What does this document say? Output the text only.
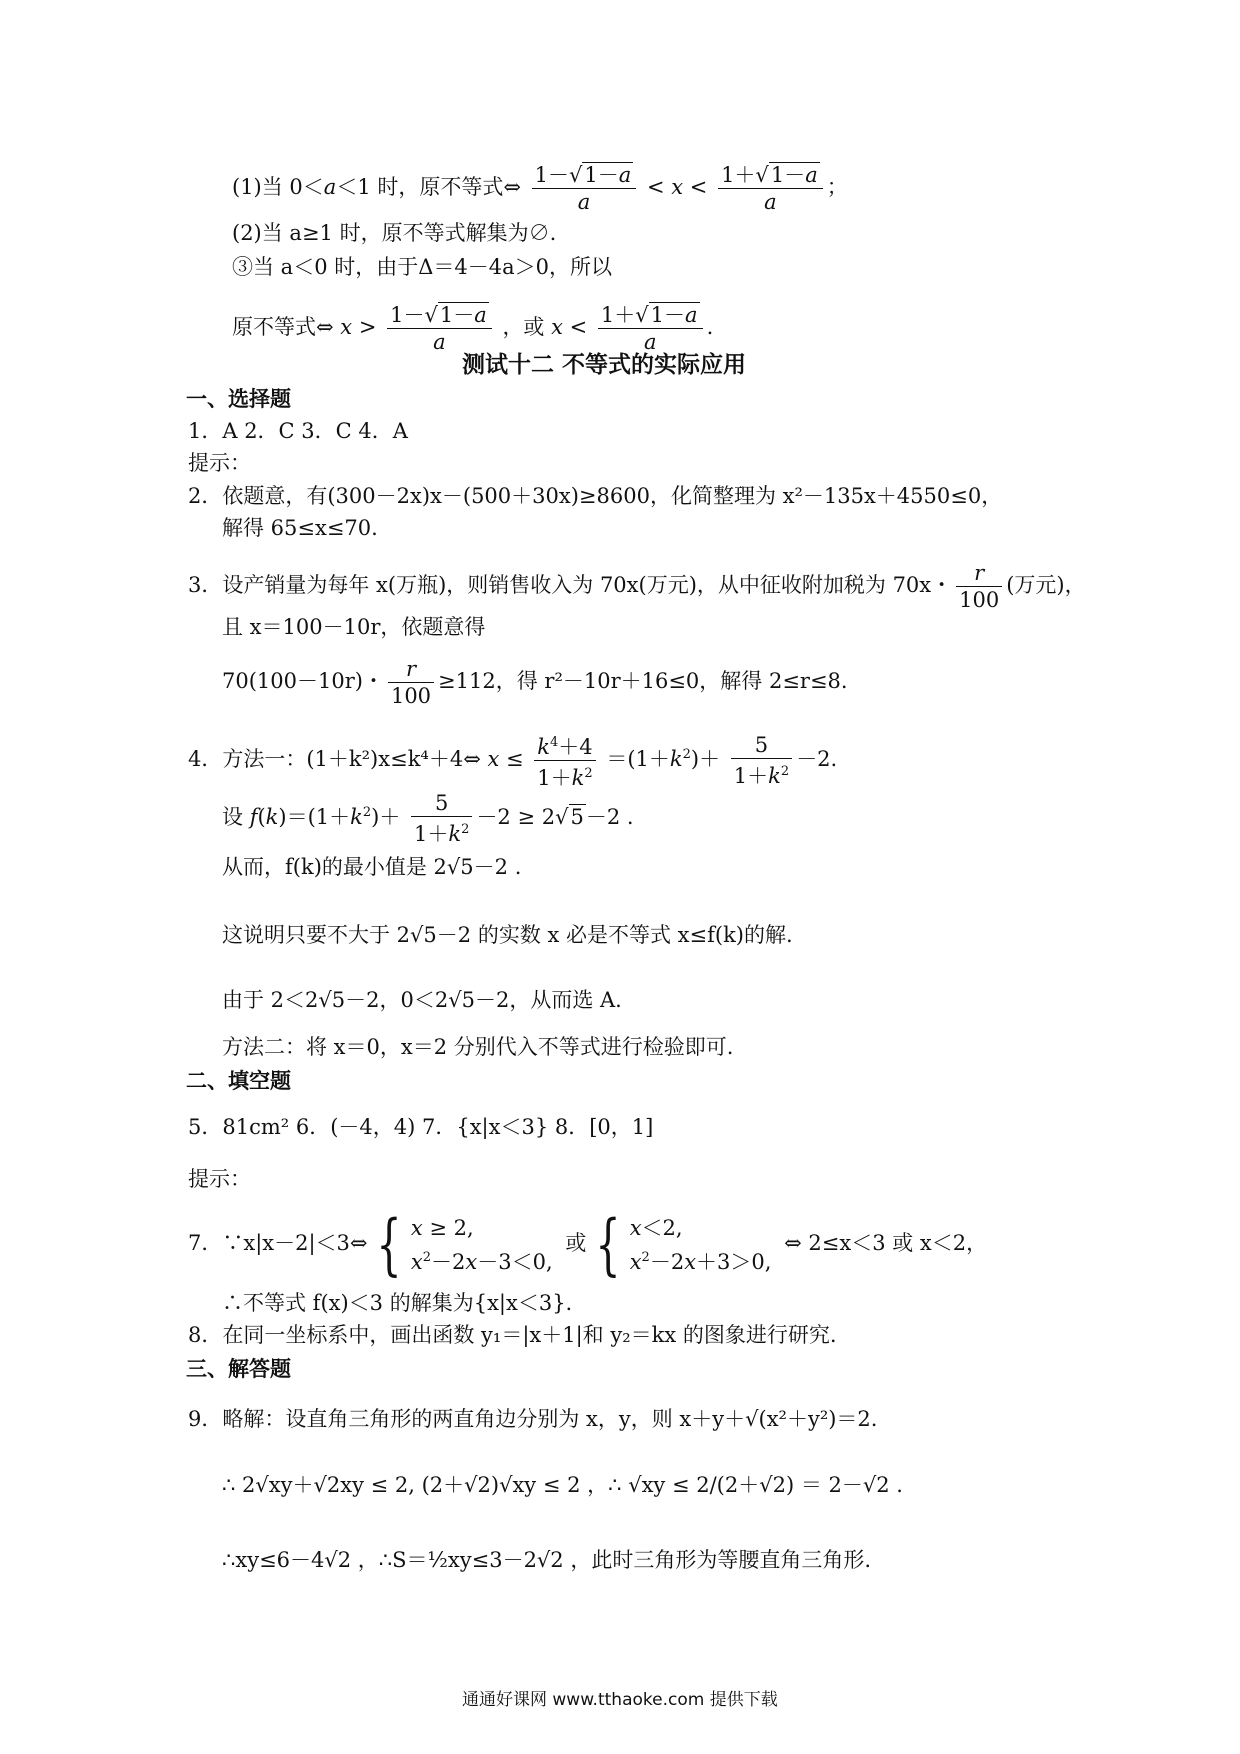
(1)当 0＜a＜1 时，原不等式⇔ $\frac{1-√1-a}{a} < x < \frac{1+√1-a}{a}$ ；
(2)当 a≥1 时，原不等式解集为∅.
③当 a＜0 时，由于Δ＝4－4a＞0，所以
原不等式⇔ $x > \frac{1-√1-a}{a}$ ，或 $x < \frac{1+√1-a}{a}$ .
测试十二 不等式的实际应用
一、选择题
1．A 2．C 3．C 4．A
提示：
2．依题意，有(300－2x)x－(500＋30x)≥8600，化简整理为 x²－135x＋4550≤0，
解得 65≤x≤70.
3．设产销量为每年 x(万瓶)，则销售收入为 70x(万元)，从中征收附加税为 70x・ $\frac{r}{100}$ (万元)，
且 x＝100－10r，依题意得
70(100－10r)・ $\frac{r}{100} \ge 112$，得 r²－10r＋16≤0，解得 2≤r≤8.
4．方法一：(1＋k²)x≤k⁴＋4⇔ $x \le \frac{k^4+4}{1+k^2} =(1+k^2)+ \frac{5}{1+k^2} -2$.
设 $f(k)=(1+k^2)+ \frac{5}{1+k^2} -2 \ge 2√5-2$ .
从而，f(k)的最小值是 2√5－2 .
这说明只要不大于 2√5－2 的实数 x 必是不等式 x≤f(k)的解.
由于 2＜2√5－2，0＜2√5－2，从而选 A.
方法二：将 x＝0，x＝2 分别代入不等式进行检验即可.
二、填空题
5．81cm² 6．(－4，4) 7．{x|x＜3} 8．[0，1]
提示：
7．∵x|x－2|＜3⇔ { x ≥ 2,
$x^2-2x-3<0$, 或 { x＜2,
$x^2-2x+3>0$, ⇔ 2≤x＜3 或 x＜2，
∴不等式 f(x)＜3 的解集为{x|x＜3}.
8．在同一坐标系中，画出函数 y₁＝|x＋1|和 y₂＝kx 的图象进行研究.
三、解答题
9．略解：设直角三角形的两直角边分别为 x，y，则 x＋y＋√(x²＋y²)＝2.
∴ 2√xy＋√2xy ≤ 2, (2＋√2)√xy ≤ 2 ，∴ √xy ≤ 2/(2＋√2) ＝ 2－√2 .
∴xy≤6－4√2 ，∴S＝½xy≤3－2√2 ，此时三角形为等腰直角三角形.
通通好课网 www.tthaoke.com 提供下载
